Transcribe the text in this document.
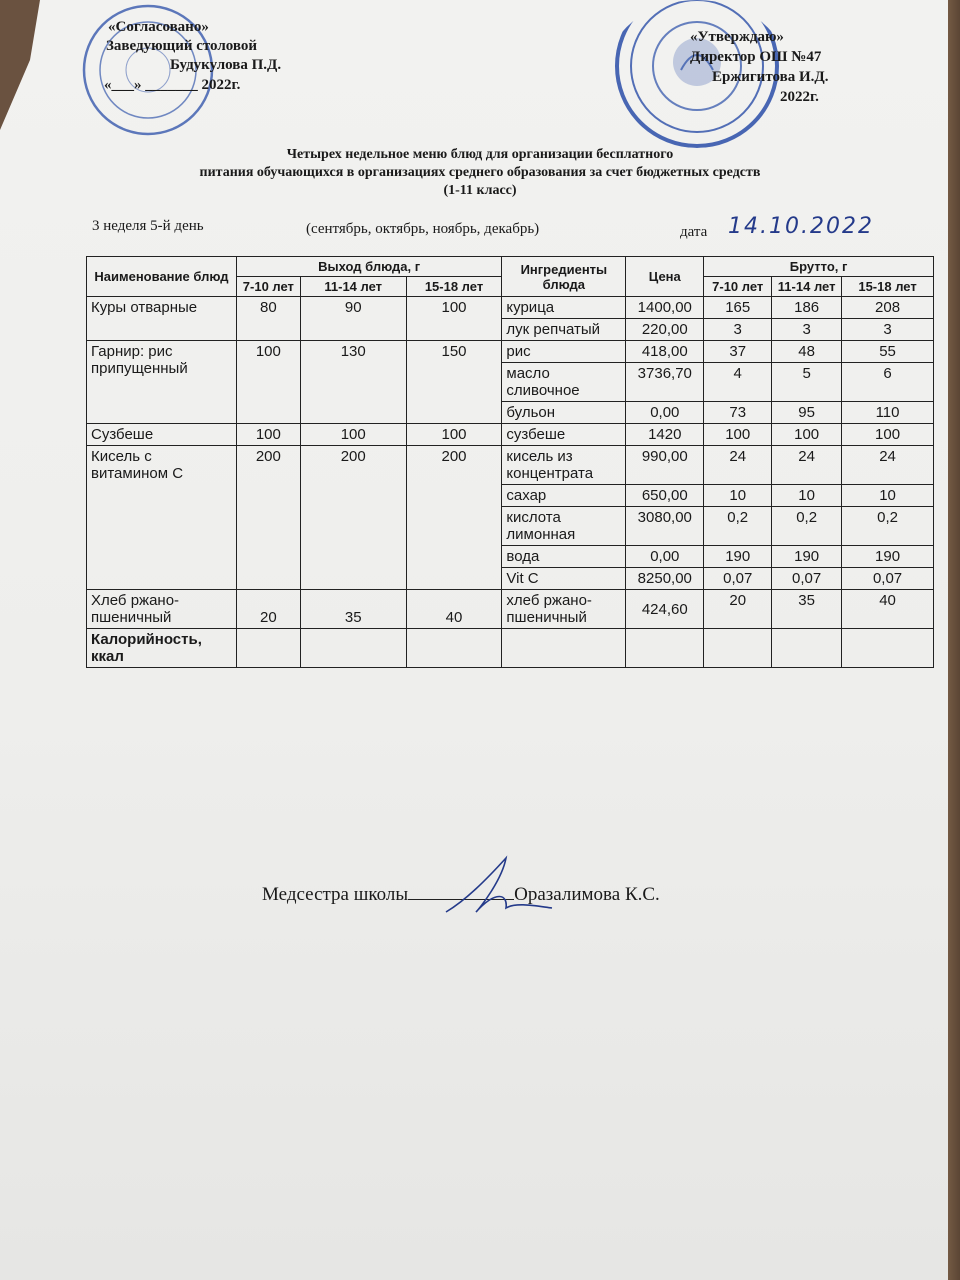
«Согласовано»
Заведующий столовой
Будукулова П.Д.
«___» _______ 2022г.
«Утверждаю»
Директор ОШ №47
Ержигитова И.Д.
2022г.
Четырех недельное меню блюд для организации бесплатного
питания обучающихся в организациях среднего образования за счет бюджетных средств
(1-11 класс)
3 неделя 5-й день	(сентябрь, октябрь, ноябрь, декабрь)	дата 14.10.2022
Наименование блюд	Выход блюда, г			Ингредиенты блюда	Цена	Брутто, г		
	7-10 лет	11-14 лет	15-18 лет			7-10 лет	11-14 лет	15-18 лет
Куры отварные	80	90	100	курица	1400,00	165	186	208
				лук репчатый	220,00	3	3	3
Гарнир: рис припущенный	100	130	150	рис	418,00	37	48	55
				масло сливочное	3736,70	4	5	6
				бульон	0,00	73	95	110
Сузбеше	100	100	100	сузбеше	1420	100	100	100
Кисель с витамином С	200	200	200	кисель из концентрата	990,00	24	24	24
				сахар	650,00	10	10	10
				кислота лимонная	3080,00	0,2	0,2	0,2
				вода	0,00	190	190	190
				Vit C	8250,00	0,07	0,07	0,07
Хлеб ржано-пшеничный	20	35	40	хлеб ржано-пшеничный	424,60	20	35	40
Калорийность, ккал								
Медсестра школы	Оразалимова К.С.
